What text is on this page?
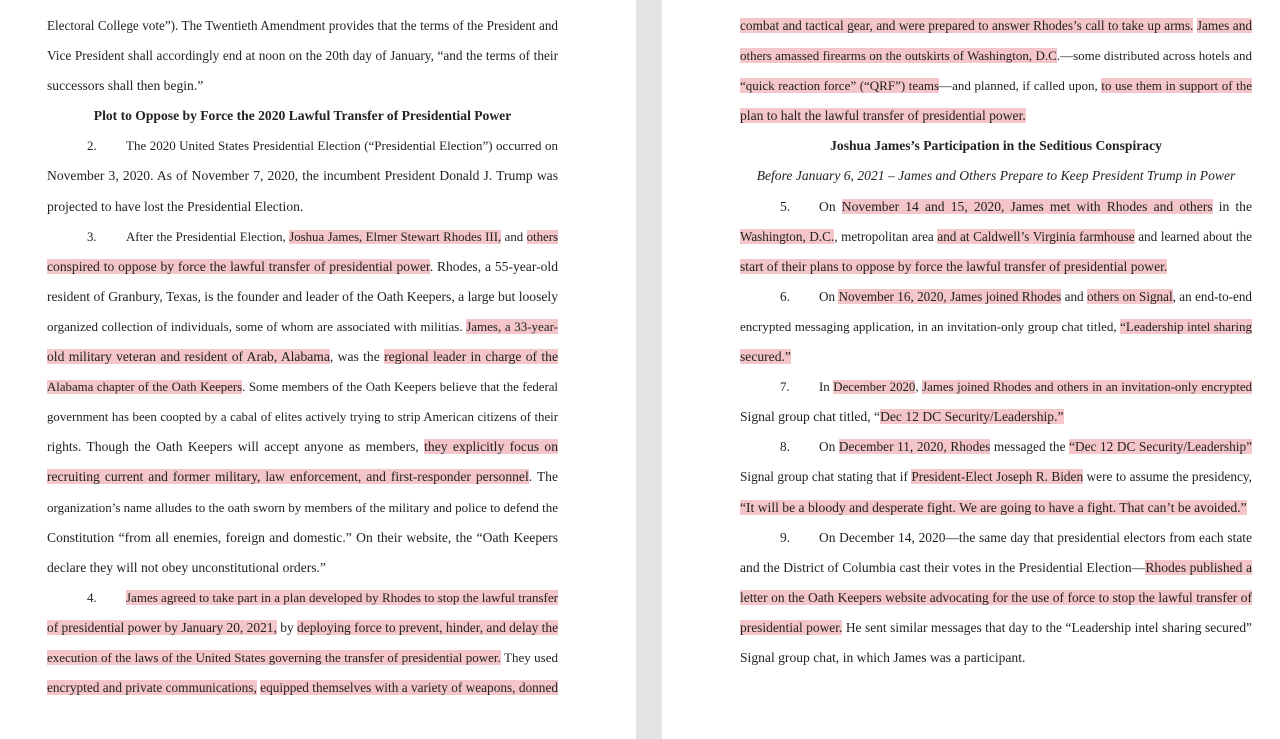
Electoral College vote”). The Twentieth Amendment provides that the terms of the President and
Vice President shall accordingly end at noon on the 20th day of January, “and the terms of their
successors shall then begin.”
Plot to Oppose by Force the 2020 Lawful Transfer of Presidential Power
2. The 2020 United States Presidential Election (“Presidential Election”) occurred on
November 3, 2020. As of November 7, 2020, the incumbent President Donald J. Trump was
projected to have lost the Presidential Election.
3. After the Presidential Election, Joshua James, Elmer Stewart Rhodes III, and others
conspired to oppose by force the lawful transfer of presidential power. Rhodes, a 55-year-old
resident of Granbury, Texas, is the founder and leader of the Oath Keepers, a large but loosely
organized collection of individuals, some of whom are associated with militias. James, a 33-year-
old military veteran and resident of Arab, Alabama, was the regional leader in charge of the
Alabama chapter of the Oath Keepers. Some members of the Oath Keepers believe that the federal
government has been coopted by a cabal of elites actively trying to strip American citizens of their
rights. Though the Oath Keepers will accept anyone as members, they explicitly focus on
recruiting current and former military, law enforcement, and first-responder personnel. The
organization’s name alludes to the oath sworn by members of the military and police to defend the
Constitution “from all enemies, foreign and domestic.” On their website, the “Oath Keepers
declare they will not obey unconstitutional orders.”
4. James agreed to take part in a plan developed by Rhodes to stop the lawful transfer
of presidential power by January 20, 2021, by deploying force to prevent, hinder, and delay the
execution of the laws of the United States governing the transfer of presidential power. They used
encrypted and private communications, equipped themselves with a variety of weapons, donned
combat and tactical gear, and were prepared to answer Rhodes’s call to take up arms. James and
others amassed firearms on the outskirts of Washington, D.C.—some distributed across hotels and
“quick reaction force” (“QRF”) teams—and planned, if called upon, to use them in support of the
plan to halt the lawful transfer of presidential power.
Joshua James’s Participation in the Seditious Conspiracy
Before January 6, 2021 – James and Others Prepare to Keep President Trump in Power
5. On November 14 and 15, 2020, James met with Rhodes and others in the
Washington, D.C., metropolitan area and at Caldwell’s Virginia farmhouse and learned about the
start of their plans to oppose by force the lawful transfer of presidential power.
6. On November 16, 2020, James joined Rhodes and others on Signal, an end-to-end
encrypted messaging application, in an invitation-only group chat titled, “Leadership intel sharing
secured.”
7. In December 2020, James joined Rhodes and others in an invitation-only encrypted
Signal group chat titled, “Dec 12 DC Security/Leadership.”
8. On December 11, 2020, Rhodes messaged the “Dec 12 DC Security/Leadership”
Signal group chat stating that if President-Elect Joseph R. Biden were to assume the presidency,
“It will be a bloody and desperate fight. We are going to have a fight. That can’t be avoided.”
9. On December 14, 2020—the same day that presidential electors from each state
and the District of Columbia cast their votes in the Presidential Election—Rhodes published a
letter on the Oath Keepers website advocating for the use of force to stop the lawful transfer of
presidential power. He sent similar messages that day to the “Leadership intel sharing secured”
Signal group chat, in which James was a participant.
